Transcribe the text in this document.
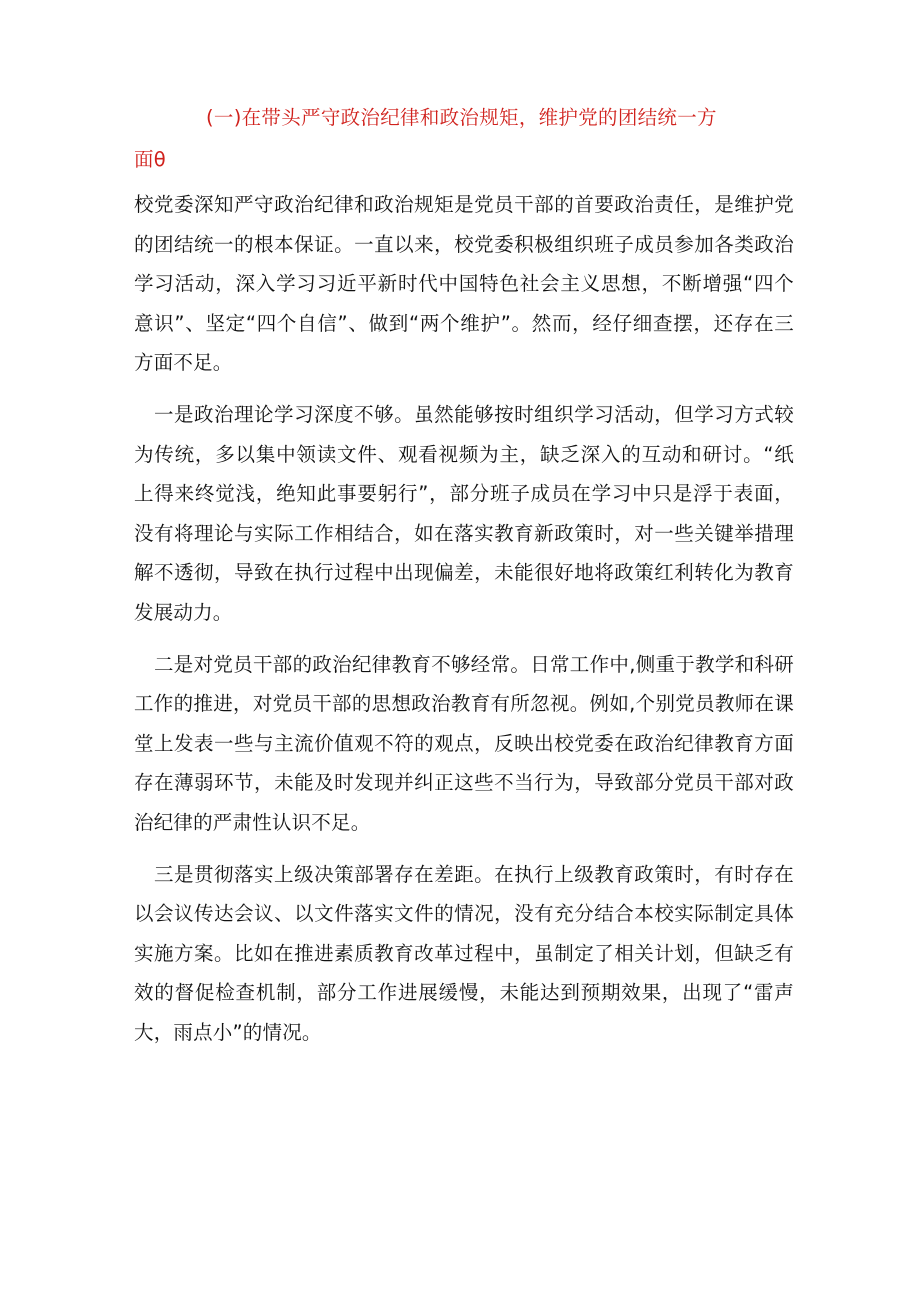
(一)在带头严守政治纪律和政治规矩，维护党的团结统一方
面θ

校党委深知严守政治纪律和政治规矩是党员干部的首要政治责任，是维护党的团结统一的根本保证。一直以来，校党委积极组织班子成员参加各类政治学习活动，深入学习习近平新时代中国特色社会主义思想，不断增强“四个意识”、坚定“四个自信”、做到“两个维护”。然而，经仔细查摆，还存在三方面不足。

一是政治理论学习深度不够。虽然能够按时组织学习活动，但学习方式较为传统，多以集中领读文件、观看视频为主，缺乏深入的互动和研讨。“纸上得来终觉浅，绝知此事要躬行”，部分班子成员在学习中只是浮于表面，没有将理论与实际工作相结合，如在落实教育新政策时，对一些关键举措理解不透彻，导致在执行过程中出现偏差，未能很好地将政策红利转化为教育发展动力。

二是对党员干部的政治纪律教育不够经常。日常工作中,侧重于教学和科研工作的推进，对党员干部的思想政治教育有所忽视。例如,个别党员教师在课堂上发表一些与主流价值观不符的观点，反映出校党委在政治纪律教育方面存在薄弱环节，未能及时发现并纠正这些不当行为，导致部分党员干部对政治纪律的严肃性认识不足。

三是贯彻落实上级决策部署存在差距。在执行上级教育政策时，有时存在以会议传达会议、以文件落实文件的情况，没有充分结合本校实际制定具体实施方案。比如在推进素质教育改革过程中，虽制定了相关计划，但缺乏有效的督促检查机制，部分工作进展缓慢，未能达到预期效果，出现了“雷声大，雨点小”的情况。
